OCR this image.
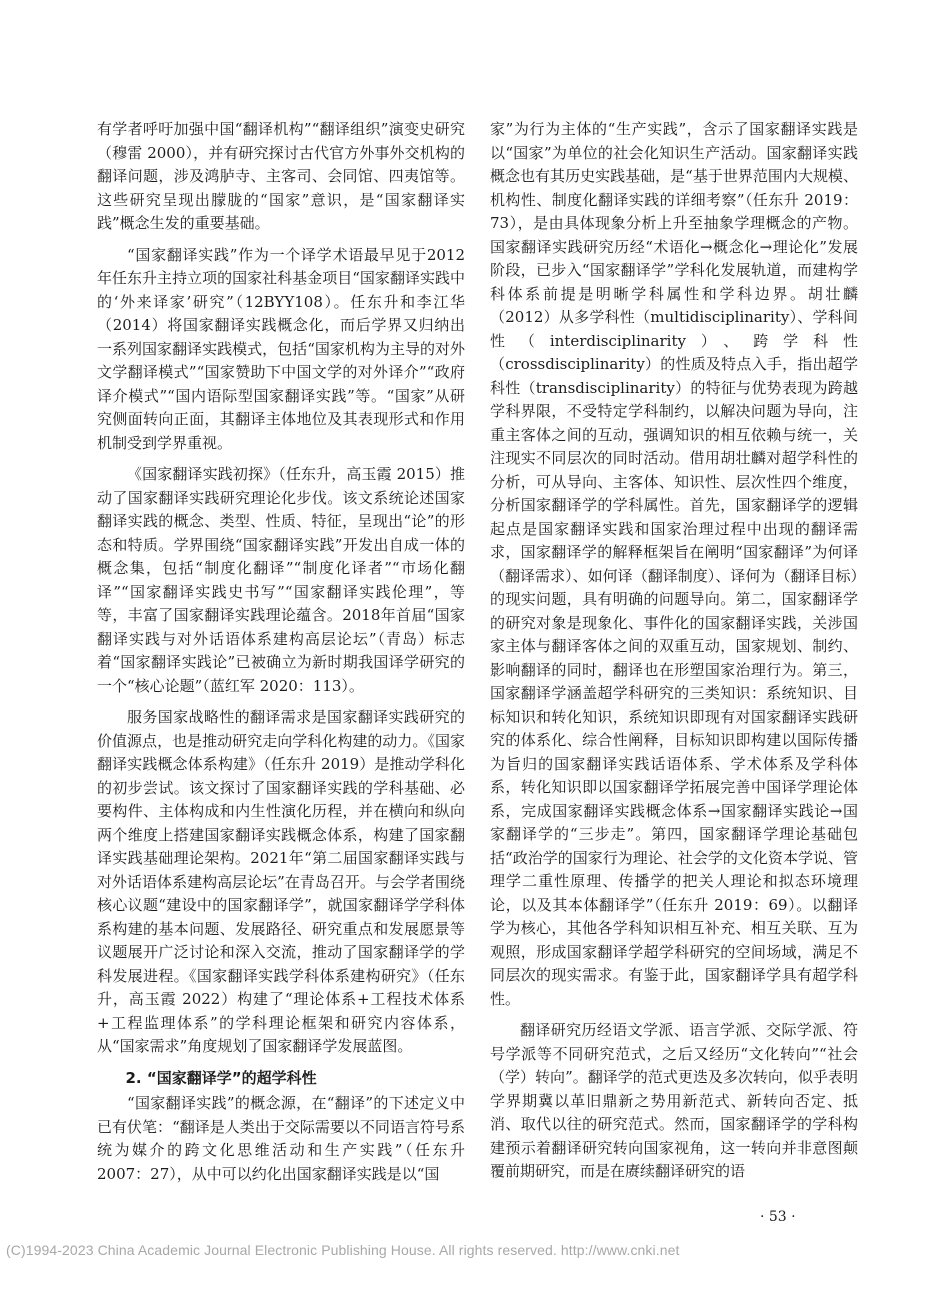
有学者呼吁加强中国“翻译机构”“翻译组织”演变史研究（穆雷 2000），并有研究探讨古代官方外事外交机构的翻译问题，涉及鸿胪寺、主客司、会同馆、四夷馆等。这些研究呈现出朦胧的“国家”意识，是“国家翻译实践”概念生发的重要基础。

“国家翻译实践”作为一个译学术语最早见于2012年任东升主持立项的国家社科基金项目“国家翻译实践中的‘外来译家’研究”（12BYY108）。任东升和李江华（2014）将国家翻译实践概念化，而后学界又归纳出一系列国家翻译实践模式，包括“国家机构为主导的对外文学翻译模式”“国家赞助下中国文学的对外译介”“政府译介模式”“国内语际型国家翻译实践”等。“国家”从研究侧面转向正面，其翻译主体地位及其表现形式和作用机制受到学界重视。

《国家翻译实践初探》（任东升，高玉霞 2015）推动了国家翻译实践研究理论化步伐。该文系统论述国家翻译实践的概念、类型、性质、特征，呈现出“论”的形态和特质。学界围绕“国家翻译实践”开发出自成一体的概念集，包括“制度化翻译”“制度化译者”“市场化翻译”“国家翻译实践史书写”“国家翻译实践伦理”，等等，丰富了国家翻译实践理论蕴含。2018年首届“国家翻译实践与对外话语体系建构高层论坛”（青岛）标志着“国家翻译实践论”已被确立为新时期我国译学研究的一个“核心论题”（蓝红军 2020：113）。

服务国家战略性的翻译需求是国家翻译实践研究的价值源点，也是推动研究走向学科化构建的动力。《国家翻译实践概念体系构建》（任东升 2019）是推动学科化的初步尝试。该文探讨了国家翻译实践的学科基础、必要构件、主体构成和内生性演化历程，并在横向和纵向两个维度上搭建国家翻译实践概念体系，构建了国家翻译实践基础理论架构。2021年“第二届国家翻译实践与对外话语体系建构高层论坛”在青岛召开。与会学者围绕核心议题“建设中的国家翻译学”，就国家翻译学学科体系构建的基本问题、发展路径、研究重点和发展愿景等议题展开广泛讨论和深入交流，推动了国家翻译学的学科发展进程。《国家翻译实践学科体系建构研究》（任东升，高玉霞 2022）构建了“理论体系+工程技术体系+工程监理体系”的学科理论框架和研究内容体系，从“国家需求”角度规划了国家翻译学发展蓝图。

2. “国家翻译学”的超学科性

“国家翻译实践”的概念源，在“翻译”的下述定义中已有伏笔：“翻译是人类出于交际需要以不同语言符号系统为媒介的跨文化思维活动和生产实践”（任东升 2007：27），从中可以约化出国家翻译实践是以“国

家”为行为主体的“生产实践”，含示了国家翻译实践是以“国家”为单位的社会化知识生产活动。国家翻译实践概念也有其历史实践基础，是“基于世界范围内大规模、机构性、制度化翻译实践的详细考察”（任东升 2019：73），是由具体现象分析上升至抽象学理概念的产物。国家翻译实践研究历经“术语化→概念化→理论化”发展阶段，已步入“国家翻译学”学科化发展轨道，而建构学科体系前提是明晰学科属性和学科边界。胡壮麟（2012）从多学科性（multidisciplinarity）、学科间性（interdisciplinarity）、跨学科性（crossdisciplinarity）的性质及特点入手，指出超学科性（transdisciplinarity）的特征与优势表现为跨越学科界限，不受特定学科制约，以解决问题为导向，注重主客体之间的互动，强调知识的相互依赖与统一，关注现实不同层次的同时活动。借用胡壮麟对超学科性的分析，可从导向、主客体、知识性、层次性四个维度，分析国家翻译学的学科属性。首先，国家翻译学的逻辑起点是国家翻译实践和国家治理过程中出现的翻译需求，国家翻译学的解释框架旨在阐明“国家翻译”为何译（翻译需求）、如何译（翻译制度）、译何为（翻译目标）的现实问题，具有明确的问题导向。第二，国家翻译学的研究对象是现象化、事件化的国家翻译实践，关涉国家主体与翻译客体之间的双重互动，国家规划、制约、影响翻译的同时，翻译也在形塑国家治理行为。第三，国家翻译学涵盖超学科研究的三类知识：系统知识、目标知识和转化知识，系统知识即现有对国家翻译实践研究的体系化、综合性阐释，目标知识即构建以国际传播为旨归的国家翻译实践话语体系、学术体系及学科体系，转化知识即以国家翻译学拓展完善中国译学理论体系，完成国家翻译实践概念体系→国家翻译实践论→国家翻译学的“三步走”。第四，国家翻译学理论基础包括“政治学的国家行为理论、社会学的文化资本学说、管理学二重性原理、传播学的把关人理论和拟态环境理论，以及其本体翻译学”（任东升 2019：69）。以翻译学为核心，其他各学科知识相互补充、相互关联、互为观照，形成国家翻译学超学科研究的空间场域，满足不同层次的现实需求。有鉴于此，国家翻译学具有超学科性。

翻译研究历经语文学派、语言学派、交际学派、符号学派等不同研究范式，之后又经历“文化转向”“社会（学）转向”。翻译学的范式更迭及多次转向，似乎表明学界期冀以革旧鼎新之势用新范式、新转向否定、抵消、取代以往的研究范式。然而，国家翻译学的学科构建预示着翻译研究转向国家视角，这一转向并非意图颠覆前期研究，而是在赓续翻译研究的语

· 53 ·
(C)1994-2023 China Academic Journal Electronic Publishing House. All rights reserved. http://www.cnki.net
